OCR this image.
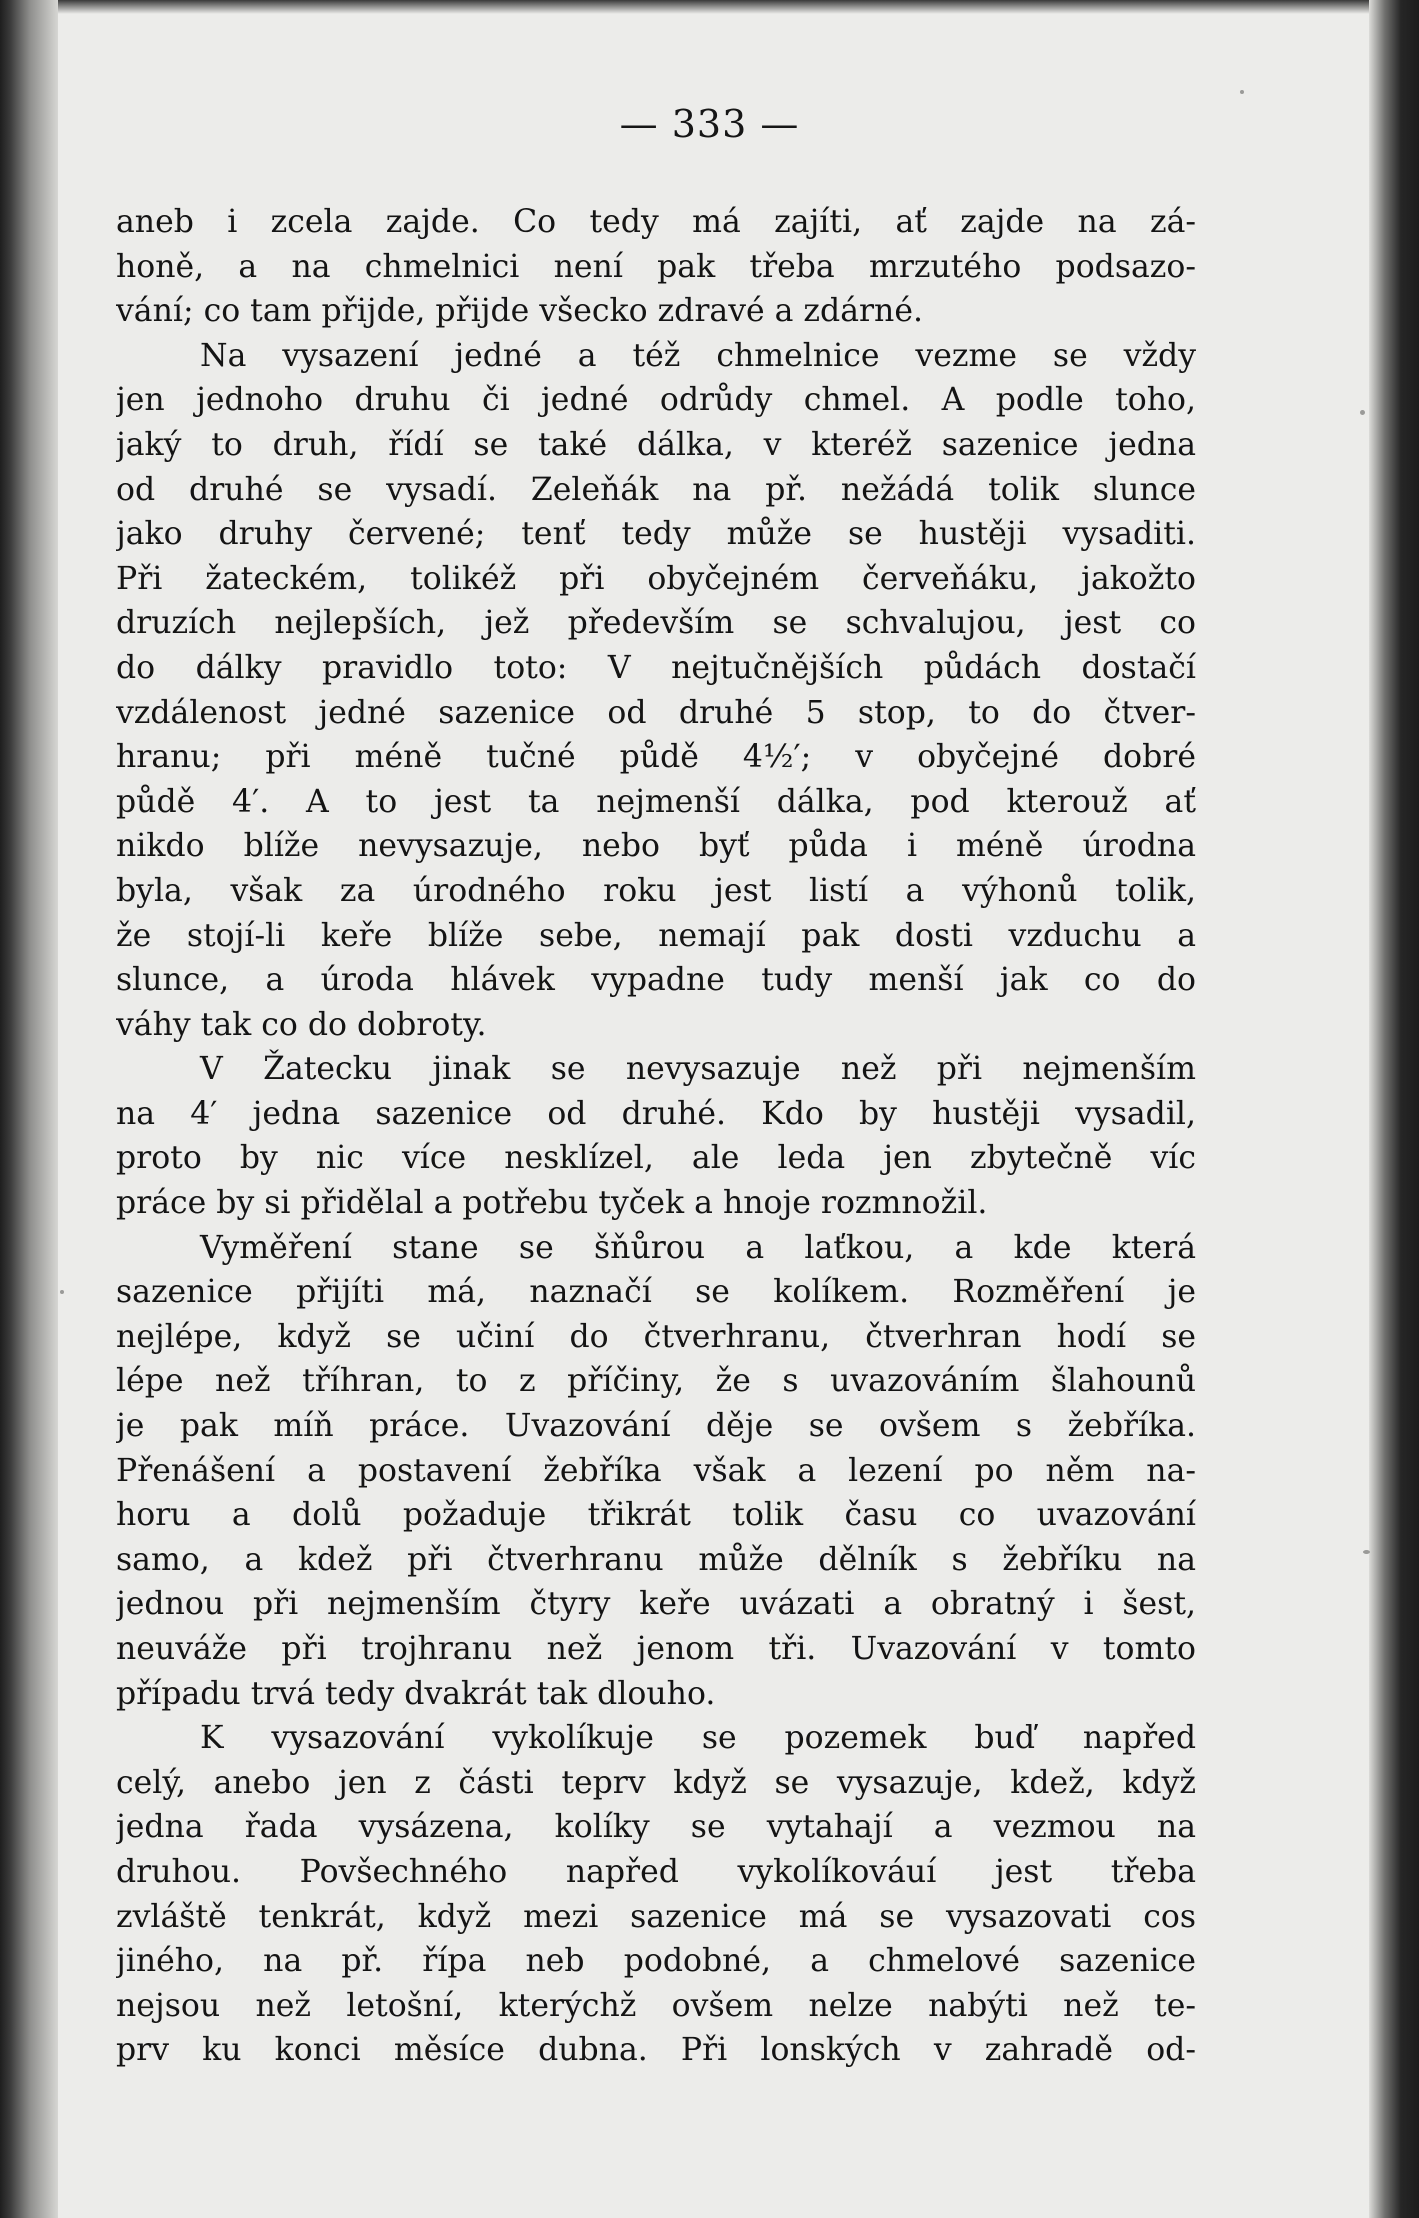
— 333 —
aneb i zcela zajde. Co tedy má zajíti, ať zajde na zá-
honě, a na chmelnici není pak třeba mrzutého podsazo-
vání; co tam přijde, přijde všecko zdravé a zdárné.
Na vysazení jedné a též chmelnice vezme se vždy
jen jednoho druhu či jedné odrůdy chmel. A podle toho,
jaký to druh, řídí se také dálka, v kteréž sazenice jedna
od druhé se vysadí. Zeleňák na př. nežádá tolik slunce
jako druhy červené; tenť tedy může se hustěji vysaditi.
Při žateckém, tolikéž při obyčejném červeňáku, jakožto
druzích nejlepších, jež především se schvalujou, jest co
do dálky pravidlo toto: V nejtučnějších půdách dostačí
vzdálenost jedné sazenice od druhé 5 stop, to do čtver-
hranu; při méně tučné půdě 4½′; v obyčejné dobré
půdě 4′. A to jest ta nejmenší dálka, pod kterouž ať
nikdo blíže nevysazuje, nebo byť půda i méně úrodna
byla, však za úrodného roku jest listí a výhonů tolik,
že stojí-li keře blíže sebe, nemají pak dosti vzduchu a
slunce, a úroda hlávek vypadne tudy menší jak co do
váhy tak co do dobroty.
V Žatecku jinak se nevysazuje než při nejmenším
na 4′ jedna sazenice od druhé. Kdo by hustěji vysadil,
proto by nic více nesklízel, ale leda jen zbytečně víc
práce by si přidělal a potřebu tyček a hnoje rozmnožil.
Vyměření stane se šňůrou a laťkou, a kde která
sazenice přijíti má, naznačí se kolíkem. Rozměření je
nejlépe, když se učiní do čtverhranu, čtverhran hodí se
lépe než tříhran, to z příčiny, že s uvazováním šlahounů
je pak míň práce. Uvazování děje se ovšem s žebříka.
Přenášení a postavení žebříka však a lezení po něm na-
horu a dolů požaduje třikrát tolik času co uvazování
samo, a kdež při čtverhranu může dělník s žebříku na
jednou při nejmenším čtyry keře uvázati a obratný i šest,
neuváže při trojhranu než jenom tři. Uvazování v tomto
případu trvá tedy dvakrát tak dlouho.
K vysazování vykolíkuje se pozemek buď napřed
celý, anebo jen z části teprv když se vysazuje, kdež, když
jedna řada vysázena, kolíky se vytahají a vezmou na
druhou. Povšechného napřed vykolíkováuí jest třeba
zvláště tenkrát, když mezi sazenice má se vysazovati cos
jiného, na př. řípa neb podobné, a chmelové sazenice
nejsou než letošní, kterýchž ovšem nelze nabýti než te-
prv ku konci měsíce dubna. Při lonských v zahradě od-
